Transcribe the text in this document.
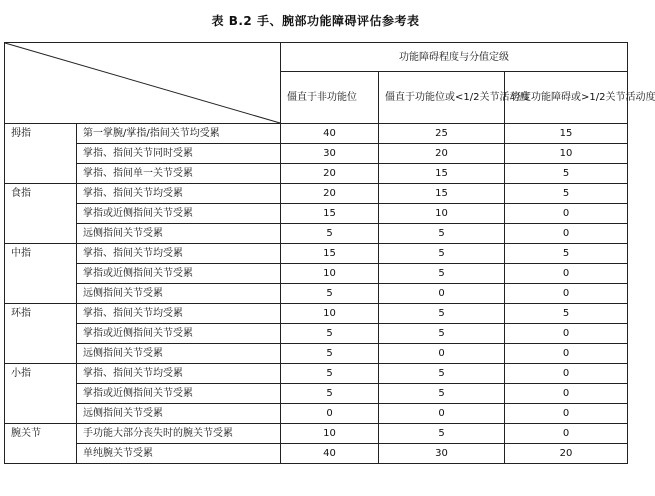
表 B.2 手、腕部功能障碍评估参考表
	功能障碍程度与分值定级		
		僵直于非功能位	僵直于功能位或<1/2关节活动度	轻度功能障碍或>1/2关节活动度
拇指	第一掌腕/掌指/指间关节均受累	40	25	15
	掌指、指间关节同时受累	30	20	10
	掌指、指间单一关节受累	20	15	5
食指	掌指、指间关节均受累	20	15	5
	掌指或近侧指间关节受累	15	10	0
	远侧指间关节受累	5	5	0
中指	掌指、指间关节均受累	15	5	5
	掌指或近侧指间关节受累	10	5	0
	远侧指间关节受累	5	0	0
环指	掌指、指间关节均受累	10	5	5
	掌指或近侧指间关节受累	5	5	0
	远侧指间关节受累	5	0	0
小指	掌指、指间关节均受累	5	5	0
	掌指或近侧指间关节受累	5	5	0
	远侧指间关节受累	0	0	0
腕关节	手功能大部分丧失时的腕关节受累	10	5	0
	单纯腕关节受累	40	30	20
